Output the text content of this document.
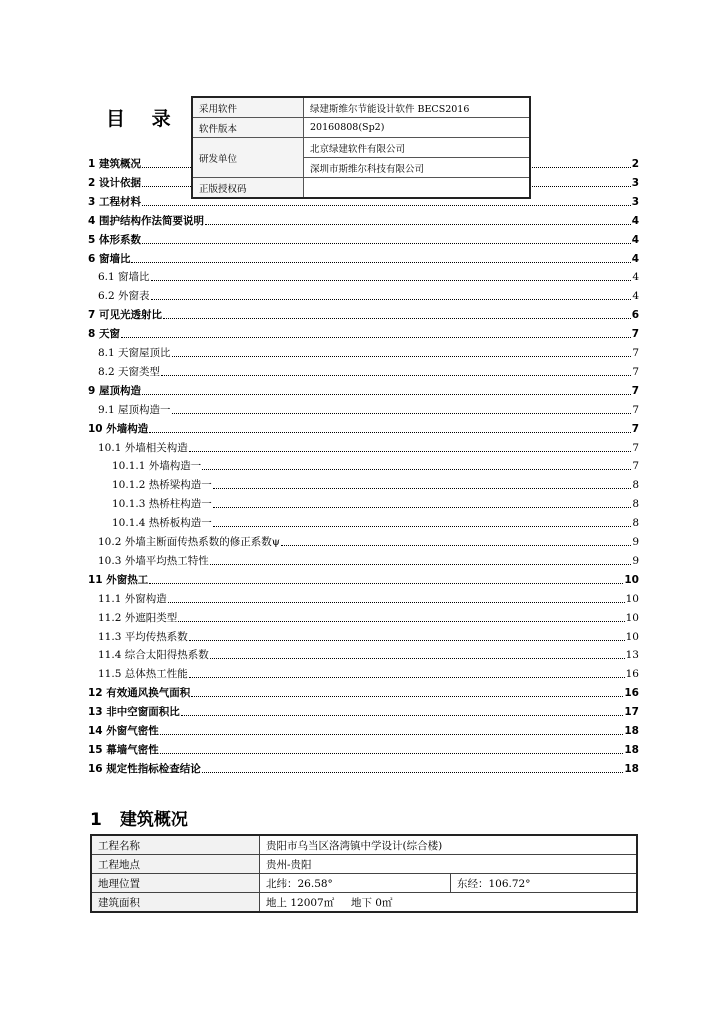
目 录
1 建筑概况	2
2 设计依据	3
3 工程材料	3
4 围护结构作法简要说明	4
5 体形系数	4
6 窗墙比	4
6.1 窗墙比	4
6.2 外窗表	4
7 可见光透射比	6
8 天窗	7
8.1 天窗屋顶比	7
8.2 天窗类型	7
9 屋顶构造	7
9.1 屋顶构造一	7
10 外墙构造	7
10.1 外墙相关构造	7
10.1.1 外墙构造一	7
10.1.2 热桥梁构造一	8
10.1.3 热桥柱构造一	8
10.1.4 热桥板构造一	8
10.2 外墙主断面传热系数的修正系数ψ	9
10.3 外墙平均热工特性	9
11 外窗热工	10
11.1 外窗构造	10
11.2 外遮阳类型	10
11.3 平均传热系数	10
11.4 综合太阳得热系数	13
11.5 总体热工性能	16
12 有效通风换气面积	16
13 非中空窗面积比	17
14 外窗气密性	18
15 幕墙气密性	18
16 规定性指标检查结论	18
采用软件	绿建斯维尔节能设计软件 BECS2016
软件版本	20160808(Sp2)
研发单位	北京绿建软件有限公司
	深圳市斯维尔科技有限公司
正版授权码	
1 建筑概况
工程名称	贵阳市乌当区洛湾镇中学设计(综合楼)	
工程地点	贵州-贵阳	
地理位置	北纬：26.58°	东经：106.72°
建筑面积	地上 12007㎡ 地下 0㎡	
